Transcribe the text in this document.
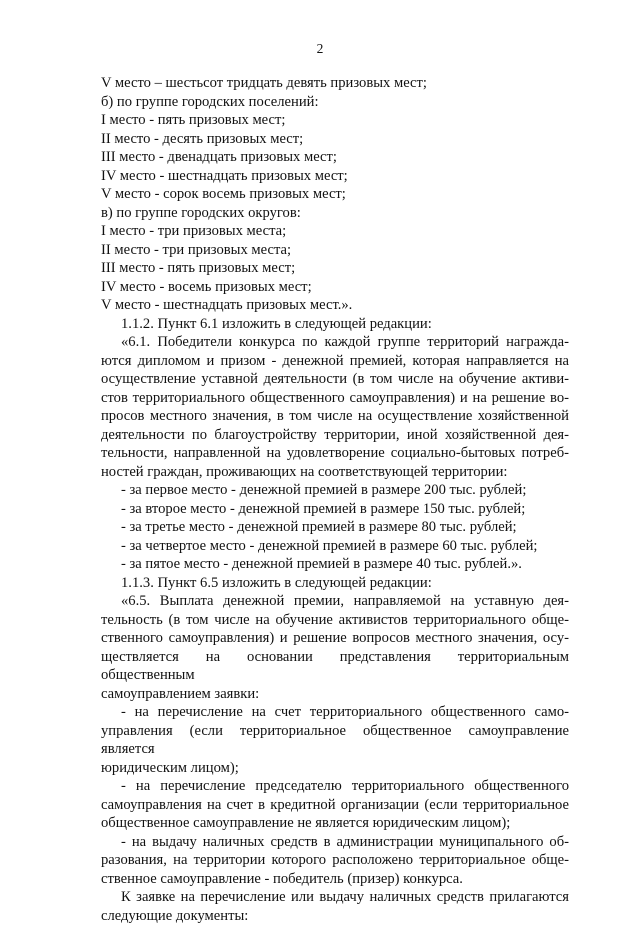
2
V место – шестьсот тридцать девять призовых мест;
б) по группе городских поселений:
I место - пять призовых мест;
II место - десять призовых мест;
III место - двенадцать призовых мест;
IV место - шестнадцать призовых мест;
V место - сорок восемь призовых мест;
в) по группе городских округов:
I место - три призовых места;
II место - три призовых места;
III место - пять призовых мест;
IV место - восемь призовых мест;
V место - шестнадцать призовых мест.».
1.1.2. Пункт 6.1 изложить в следующей редакции:
«6.1. Победители конкурса по каждой группе территорий награжда-
ются дипломом и призом - денежной премией, которая направляется на
осуществление уставной деятельности (в том числе на обучение активи-
стов территориального общественного самоуправления) и на решение во-
просов местного значения, в том числе на осуществление хозяйственной
деятельности по благоустройству территории, иной хозяйственной дея-
тельности, направленной на удовлетворение социально-бытовых потреб-
ностей граждан, проживающих на соответствующей территории:
- за первое место - денежной премией в размере 200 тыс. рублей;
- за второе место - денежной премией в размере 150 тыс. рублей;
- за третье место - денежной премией в размере 80 тыс. рублей;
- за четвертое место - денежной премией в размере 60 тыс. рублей;
- за пятое место - денежной премией в размере 40 тыс. рублей.».
1.1.3. Пункт 6.5 изложить в следующей редакции:
«6.5. Выплата денежной премии, направляемой на уставную дея-
тельность (в том числе на обучение активистов территориального обще-
ственного самоуправления) и решение вопросов местного значения, осу-
ществляется на основании представления территориальным общественным
самоуправлением заявки:
- на перечисление на счет территориального общественного само-
управления (если территориальное общественное самоуправление является
юридическим лицом);
- на перечисление председателю территориального общественного
самоуправления на счет в кредитной организации (если территориальное
общественное самоуправление не является юридическим лицом);
- на выдачу наличных средств в администрации муниципального об-
разования, на территории которого расположено территориальное обще-
ственное самоуправление - победитель (призер) конкурса.
К заявке на перечисление или выдачу наличных средств прилагаются
следующие документы:
